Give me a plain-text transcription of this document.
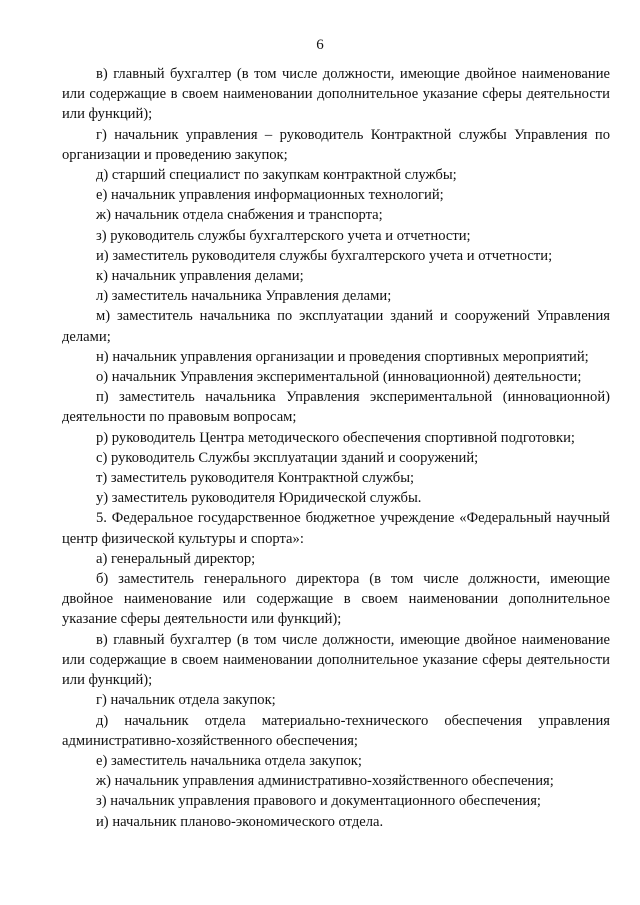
6

в) главный бухгалтер (в том числе должности, имеющие двойное наименование или содержащие в своем наименовании дополнительное указание сферы деятельности или функций);

г) начальник управления – руководитель Контрактной службы Управления по организации и проведению закупок;

д) старший специалист по закупкам контрактной службы;

е) начальник управления информационных технологий;

ж) начальник отдела снабжения и транспорта;

з) руководитель службы бухгалтерского учета и отчетности;

и) заместитель руководителя службы бухгалтерского учета и отчетности;

к) начальник управления делами;

л) заместитель начальника Управления делами;

м) заместитель начальника по эксплуатации зданий и сооружений Управления делами;

н) начальник управления организации и проведения спортивных мероприятий;

о) начальник Управления экспериментальной (инновационной) деятельности;

п) заместитель начальника Управления экспериментальной (инновационной) деятельности по правовым вопросам;

р) руководитель Центра методического обеспечения спортивной подготовки;

с) руководитель Службы эксплуатации зданий и сооружений;

т) заместитель руководителя Контрактной службы;

у) заместитель руководителя Юридической службы.

5. Федеральное государственное бюджетное учреждение «Федеральный научный центр физической культуры и спорта»:

а) генеральный директор;

б) заместитель генерального директора (в том числе должности, имеющие двойное наименование или содержащие в своем наименовании дополнительное указание сферы деятельности или функций);

в) главный бухгалтер (в том числе должности, имеющие двойное наименование или содержащие в своем наименовании дополнительное указание сферы деятельности или функций);

г) начальник отдела закупок;

д) начальник отдела материально-технического обеспечения управления административно-хозяйственного обеспечения;

е) заместитель начальника отдела закупок;

ж) начальник управления административно-хозяйственного обеспечения;

з) начальник управления правового и документационного обеспечения;

и) начальник планово-экономического отдела.
